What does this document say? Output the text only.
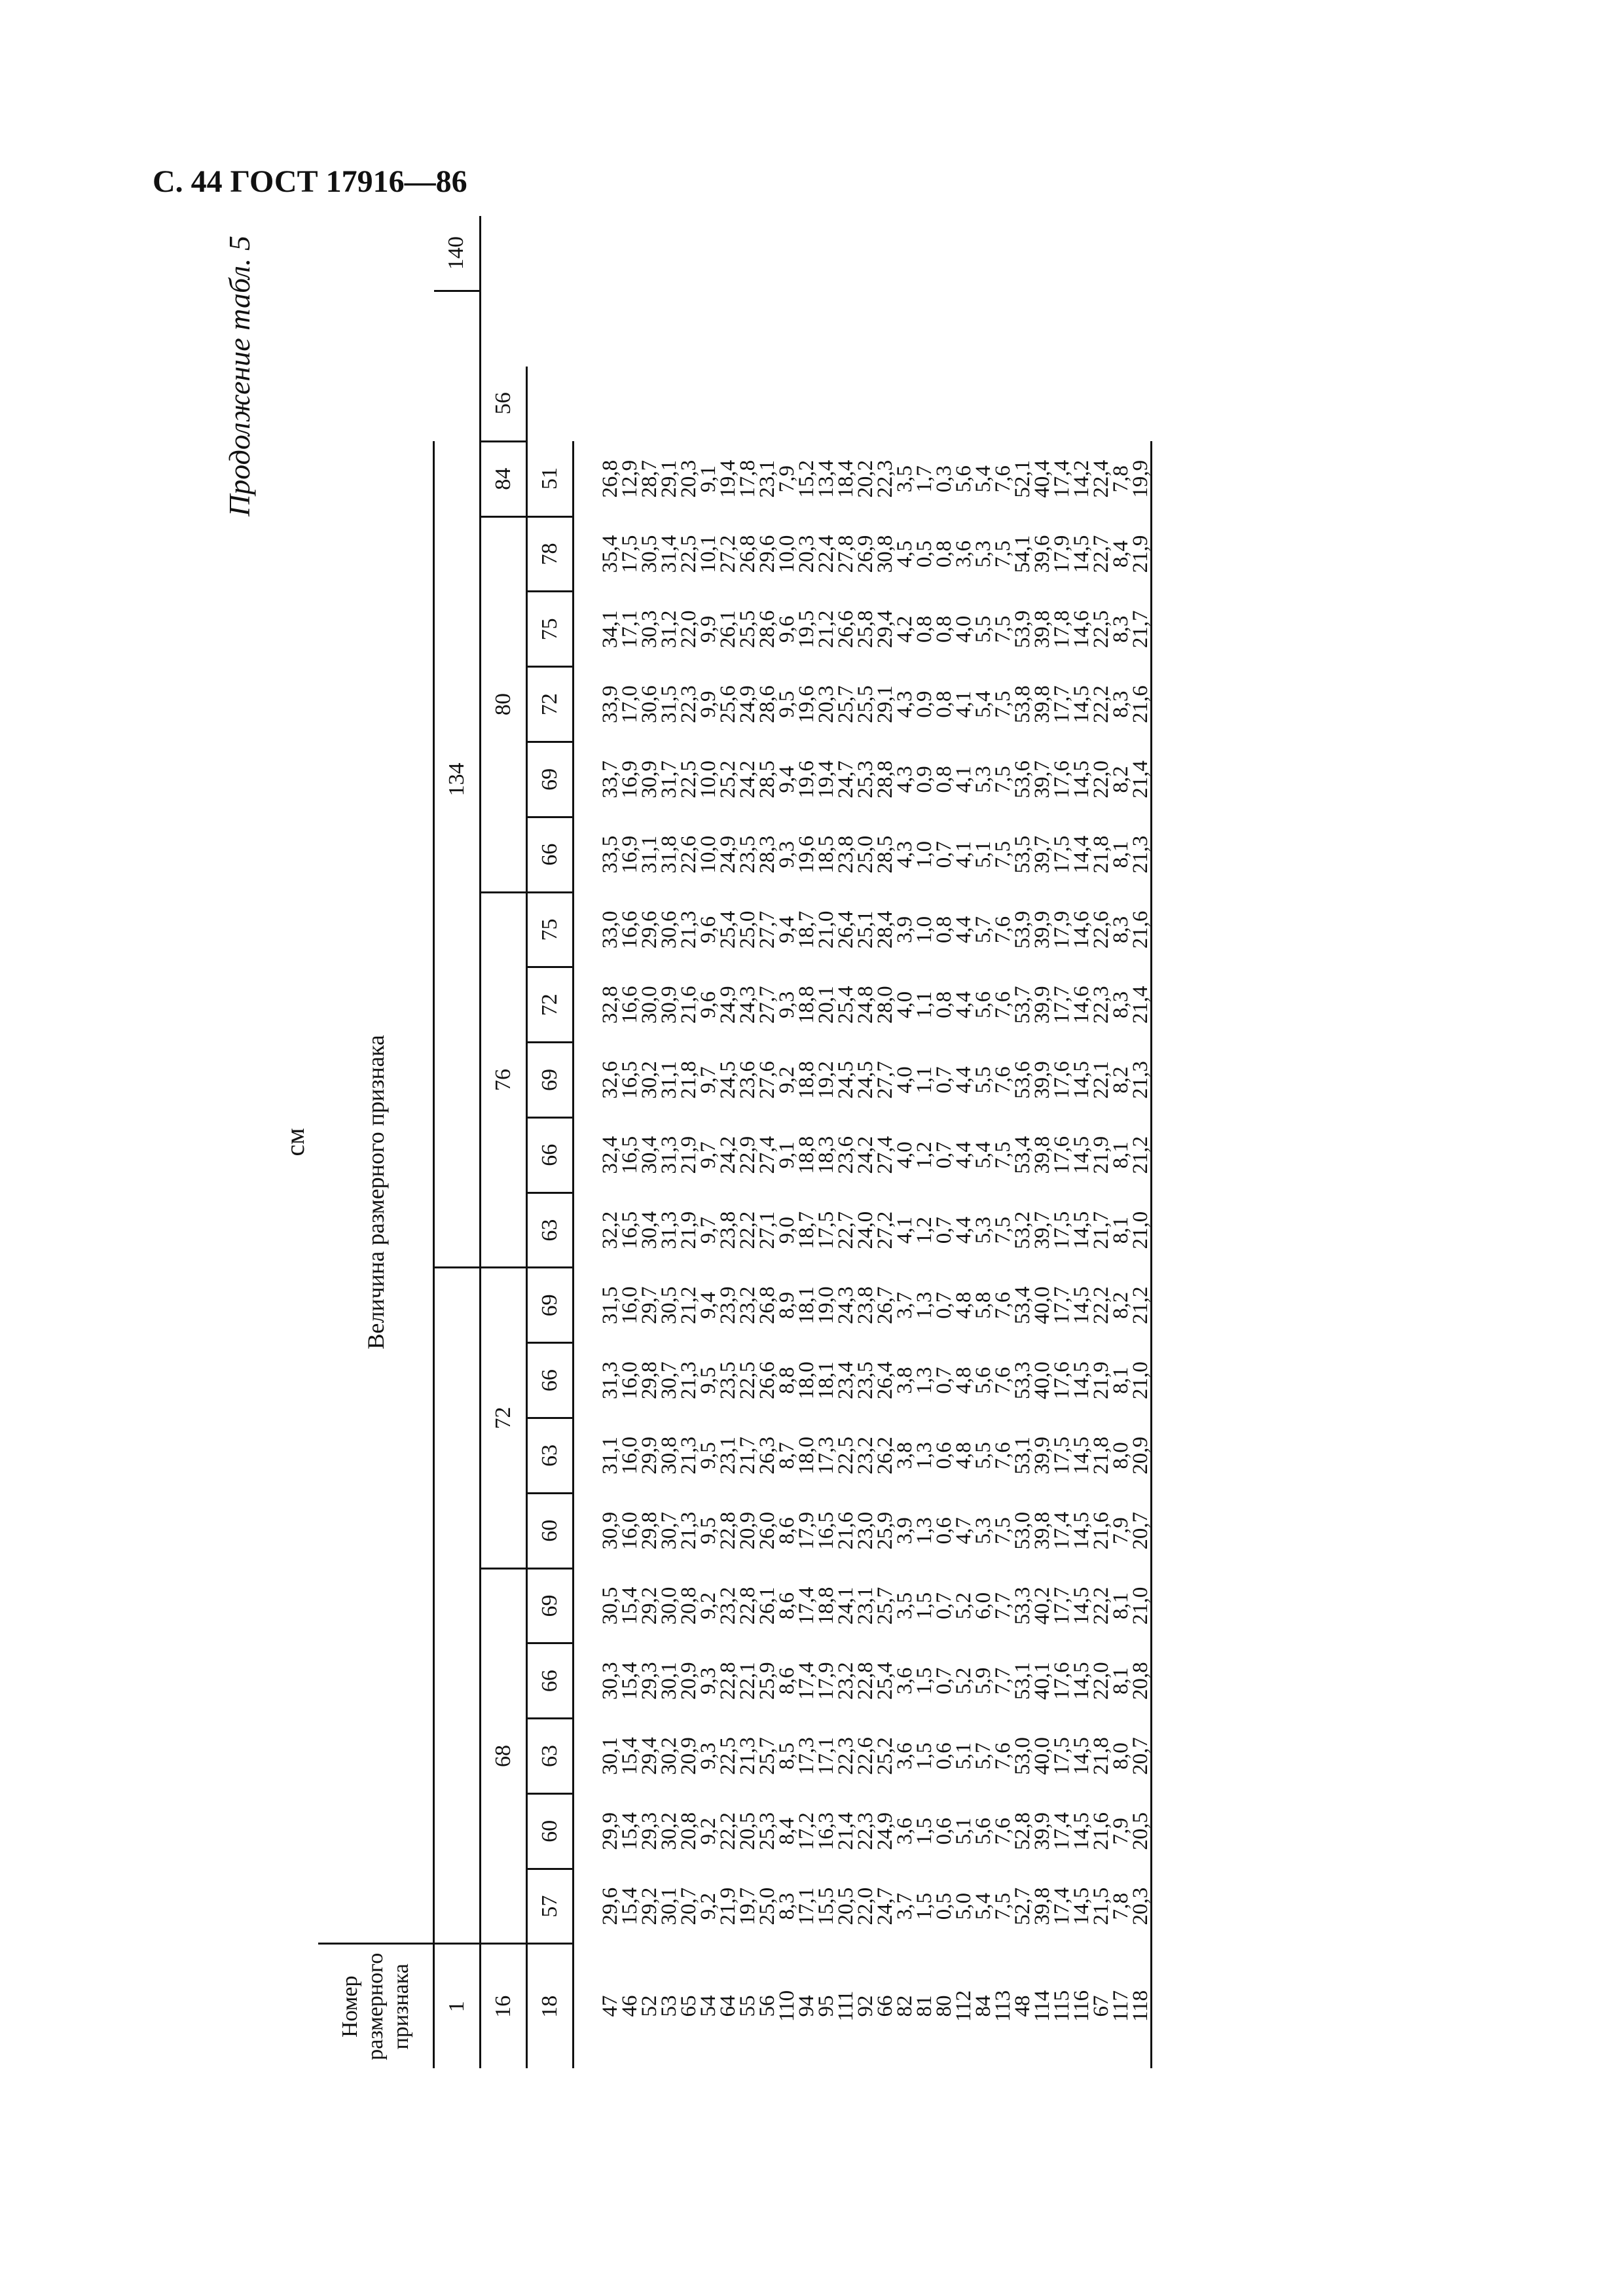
С. 44 ГОСТ 17916—86
Продолжение табл. 5
см
Номер размерного признака	Величина размерного признака																					
1										134												140
16	68					72				76					80					84	56	
18	57	60	63	66	69	60	63	66	69	63	66	69	72	75	66	69	72	75	78	51		
47	29,6	29,9	30,1	30,3	30,5	30,9	31,1	31,3	31,5	32,2	32,4	32,6	32,8	33,0	33,5	33,7	33,9	34,1	35,4	26,8		
46	15,4	15,4	15,4	15,4	15,4	16,0	16,0	16,0	16,0	16,5	16,5	16,5	16,6	16,6	16,9	16,9	17,0	17,1	17,5	12,9		
52	29,2	29,3	29,4	29,3	29,2	29,8	29,9	29,8	29,7	30,4	30,4	30,2	30,0	29,6	31,1	30,9	30,6	30,3	30,5	28,7		
53	30,1	30,2	30,2	30,1	30,0	30,7	30,8	30,7	30,5	31,3	31,3	31,1	30,9	30,6	31,8	31,7	31,5	31,2	31,4	29,1		
65	20,7	20,8	20,9	20,9	20,8	21,3	21,3	21,3	21,2	21,9	21,9	21,8	21,6	21,3	22,6	22,5	22,3	22,0	22,5	20,3		
54	9,2	9,2	9,3	9,3	9,2	9,5	9,5	9,5	9,4	9,7	9,7	9,7	9,6	9,6	10,0	10,0	9,9	9,9	10,1	9,1		
64	21,9	22,2	22,5	22,8	23,2	22,8	23,1	23,5	23,9	23,8	24,2	24,5	24,9	25,4	24,9	25,2	25,6	26,1	27,2	19,4		
55	19,7	20,5	21,3	22,1	22,8	20,9	21,7	22,5	23,2	22,2	22,9	23,6	24,3	25,0	23,5	24,2	24,9	25,5	26,8	17,8		
56	25,0	25,3	25,7	25,9	26,1	26,0	26,3	26,6	26,8	27,1	27,4	27,6	27,7	27,7	28,3	28,5	28,6	28,6	29,6	23,1		
110	8,3	8,4	8,5	8,6	8,6	8,6	8,7	8,8	8,9	9,0	9,1	9,2	9,3	9,4	9,3	9,4	9,5	9,6	10,0	7,9		
94	17,1	17,2	17,3	17,4	17,4	17,9	18,0	18,0	18,1	18,7	18,8	18,8	18,8	18,7	19,6	19,6	19,6	19,5	20,3	15,2		
95	15,5	16,3	17,1	17,9	18,8	16,5	17,3	18,1	19,0	17,5	18,3	19,2	20,1	21,0	18,5	19,4	20,3	21,2	22,4	13,4		
111	20,5	21,4	22,3	23,2	24,1	21,6	22,5	23,4	24,3	22,7	23,6	24,5	25,4	26,4	23,8	24,7	25,7	26,6	27,8	18,4		
92	22,0	22,3	22,6	22,8	23,1	23,0	23,2	23,5	23,8	24,0	24,2	24,5	24,8	25,1	25,0	25,3	25,5	25,8	26,9	20,2		
66	24,7	24,9	25,2	25,4	25,7	25,9	26,2	26,4	26,7	27,2	27,4	27,7	28,0	28,4	28,5	28,8	29,1	29,4	30,8	22,3		
82	3,7	3,6	3,6	3,6	3,5	3,9	3,8	3,8	3,7	4,1	4,0	4,0	4,0	3,9	4,3	4,3	4,3	4,2	4,5	3,5		
81	1,5	1,5	1,5	1,5	1,5	1,3	1,3	1,3	1,3	1,2	1,2	1,1	1,1	1,0	1,0	0,9	0,9	0,8	0,5	1,7		
80	0,5	0,6	0,6	0,7	0,7	0,6	0,6	0,7	0,7	0,7	0,7	0,7	0,8	0,8	0,7	0,8	0,8	0,8	0,8	0,3		
112	5,0	5,1	5,1	5,2	5,2	4,7	4,8	4,8	4,8	4,4	4,4	4,4	4,4	4,4	4,1	4,1	4,1	4,0	3,6	5,6		
84	5,4	5,6	5,7	5,9	6,0	5,3	5,5	5,6	5,8	5,3	5,4	5,5	5,6	5,7	5,1	5,3	5,4	5,5	5,3	5,4		
113	7,5	7,6	7,6	7,7	7,7	7,5	7,6	7,6	7,6	7,5	7,5	7,6	7,6	7,6	7,5	7,5	7,5	7,5	7,5	7,6		
48	52,7	52,8	53,0	53,1	53,3	53,0	53,1	53,3	53,4	53,2	53,4	53,6	53,7	53,9	53,5	53,6	53,8	53,9	54,1	52,1		
114	39,8	39,9	40,0	40,1	40,2	39,8	39,9	40,0	40,0	39,7	39,8	39,9	39,9	39,9	39,7	39,7	39,8	39,8	39,6	40,4		
115	17,4	17,4	17,5	17,6	17,7	17,4	17,5	17,6	17,7	17,5	17,6	17,6	17,7	17,9	17,5	17,6	17,7	17,8	17,9	17,4		
116	14,5	14,5	14,5	14,5	14,5	14,5	14,5	14,5	14,5	14,5	14,5	14,5	14,6	14,6	14,4	14,5	14,5	14,6	14,5	14,2		
67	21,5	21,6	21,8	22,0	22,2	21,6	21,8	21,9	22,2	21,7	21,9	22,1	22,3	22,6	21,8	22,0	22,2	22,5	22,7	22,4		
117	7,8	7,9	8,0	8,1	8,1	7,9	8,0	8,1	8,2	8,1	8,1	8,2	8,3	8,3	8,1	8,2	8,3	8,3	8,4	7,8		
118	20,3	20,5	20,7	20,8	21,0	20,7	20,9	21,0	21,2	21,0	21,2	21,3	21,4	21,6	21,3	21,4	21,6	21,7	21,9	19,9		
